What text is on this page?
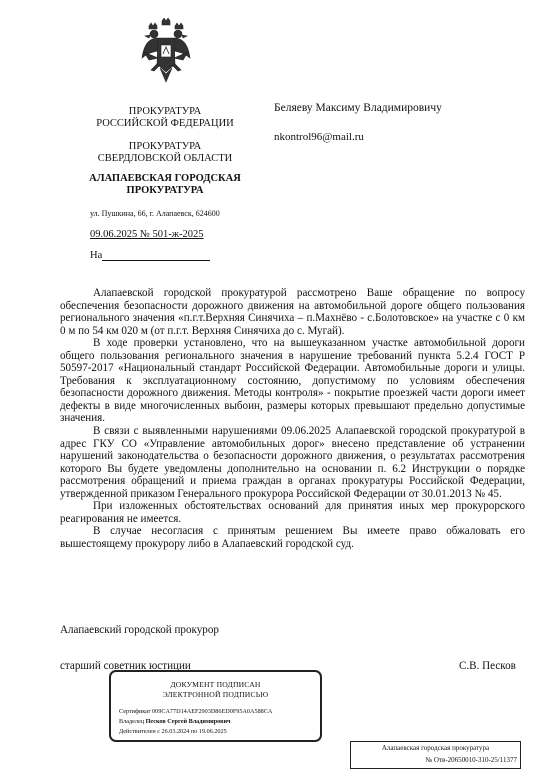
ПРОКУРАТУРА
РОССИЙСКОЙ ФЕДЕРАЦИИ
ПРОКУРАТУРА
СВЕРДЛОВСКОЙ ОБЛАСТИ
АЛАПАЕВСКАЯ ГОРОДСКАЯ
ПРОКУРАТУРА
ул. Пушкина, 66, г. Алапаевск, 624600
09.06.2025 № 501-ж-2025
На
Беляеву Максиму Владимировичу
nkontrol96@mail.ru

Алапаевской городской прокуратурой рассмотрено Ваше обращение по вопросу обеспечения безопасности дорожного движения на автомобильной дороге общего пользования регионального значения «п.г.т.Верхняя Синячиха – п.Махнёво - с.Болотовское» на участке с 0 км 0 м по 54 км 020 м (от п.г.т. Верхняя Синячиха до с. Мугай).

В ходе проверки установлено, что на вышеуказанном участке автомобильной дороги общего пользования регионального значения в нарушение требований пункта 5.2.4 ГОСТ Р 50597-2017 «Национальный стандарт Российской Федерации. Автомобильные дороги и улицы. Требования к эксплуатационному состоянию, допустимому по условиям обеспечения безопасности дорожного движения. Методы контроля» - покрытие проезжей части дороги имеет дефекты в виде многочисленных выбоин, размеры которых превышают предельно допустимые значения.

В связи с выявленными нарушениями 09.06.2025 Алапаевской городской прокуратурой в адрес ГКУ СО «Управление автомобильных дорог» внесено представление об устранении нарушений законодательства о безопасности дорожного движения, о результатах рассмотрения которого Вы будете уведомлены дополнительно на основании п. 6.2 Инструкции о порядке рассмотрения обращений и приема граждан в органах прокуратуры Российской Федерации, утвержденной приказом Генерального прокурора Российской Федерации от 30.01.2013 № 45.

При изложенных обстоятельствах оснований для принятия иных мер прокурорского реагирования не имеется.

В случае несогласия с принятым решением Вы имеете право обжаловать его вышестоящему прокурору либо в Алапаевский городской суд.

Алапаевский городской прокурор
старший советник юстиции	С.В. Песков
ДОКУМЕНТ ПОДПИСАН
ЭЛЕКТРОННОЙ ПОДПИСЬЮ
Сертификат 009CA77D14AEF2903D86ED0F95A0A588CA
Владелец Песков Сергей Владимирович
Действителен с 26.03.2024 по 19.06.2025
Алапаевская городская прокуратура
№ Отв-20650010-310-25/11377
